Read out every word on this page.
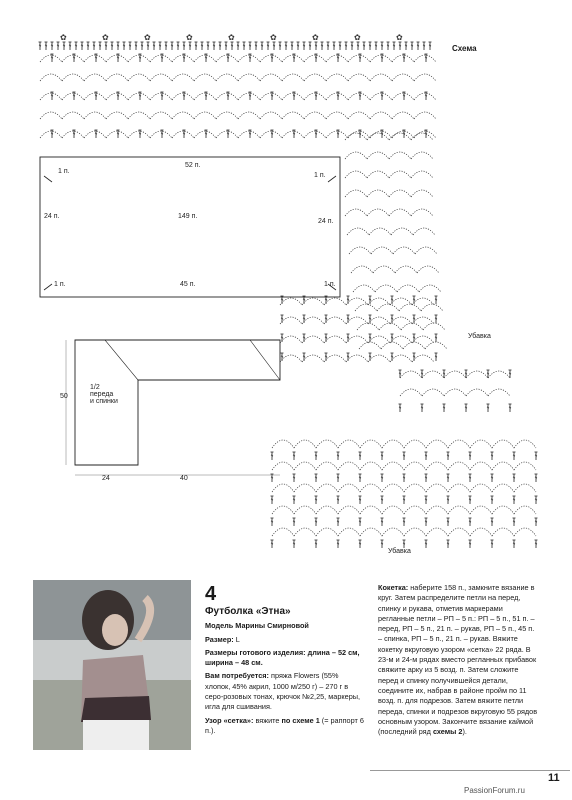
✿	✿	✿	✿	✿	✿	✿	✿	✿
Схема
52 п.
24 п.	149 п.
24 п.
45 п.
1 п.
1 п.
1 п.	1 п.
Убавка
Убавка
50
1/2
переда
и спинки
24	40
4
Футболка «Этна»
Модель Марины Смирновой
Размер: L
Размеры готового изделия: длина – 52 см, ширина – 48 см.
Вам потребуется: пряжа Flowers (55% хлопок, 45% акрил, 1000 м/250 г) – 270 г в серо-розовых тонах, крючок №2,25, маркеры, игла для сшивания.
Узор «сетка»: вяжите по схеме 1 (= раппорт 6 п.).
Кокетка: наберите 158 п., замкните вязание в круг. Затем распределите петли на перед, спинку и рукава, отметив маркерами регланные петли – РП – 5 п.: РП – 5 п., 51 п. – перед, РП – 5 п., 21 п. – рукав, РП – 5 п., 45 п. – спинка, РП – 5 п., 21 п. – рукав. Вяжите кокетку вкруговую узором «сетка» 22 ряда. В 23-м и 24-м рядах вместо регланных прибавок свяжите арку из 5 возд. п. Затем сложите перед и спинку получившейся детали, соедините их, набрав в районе пройм по 11 возд. п. для подрезов. Затем вяжите петли переда, спинки и подрезов вкруговую 55 рядов основным узором. Закончите вязание каймой (последний ряд схемы 2).
11
PassionForum.ru
